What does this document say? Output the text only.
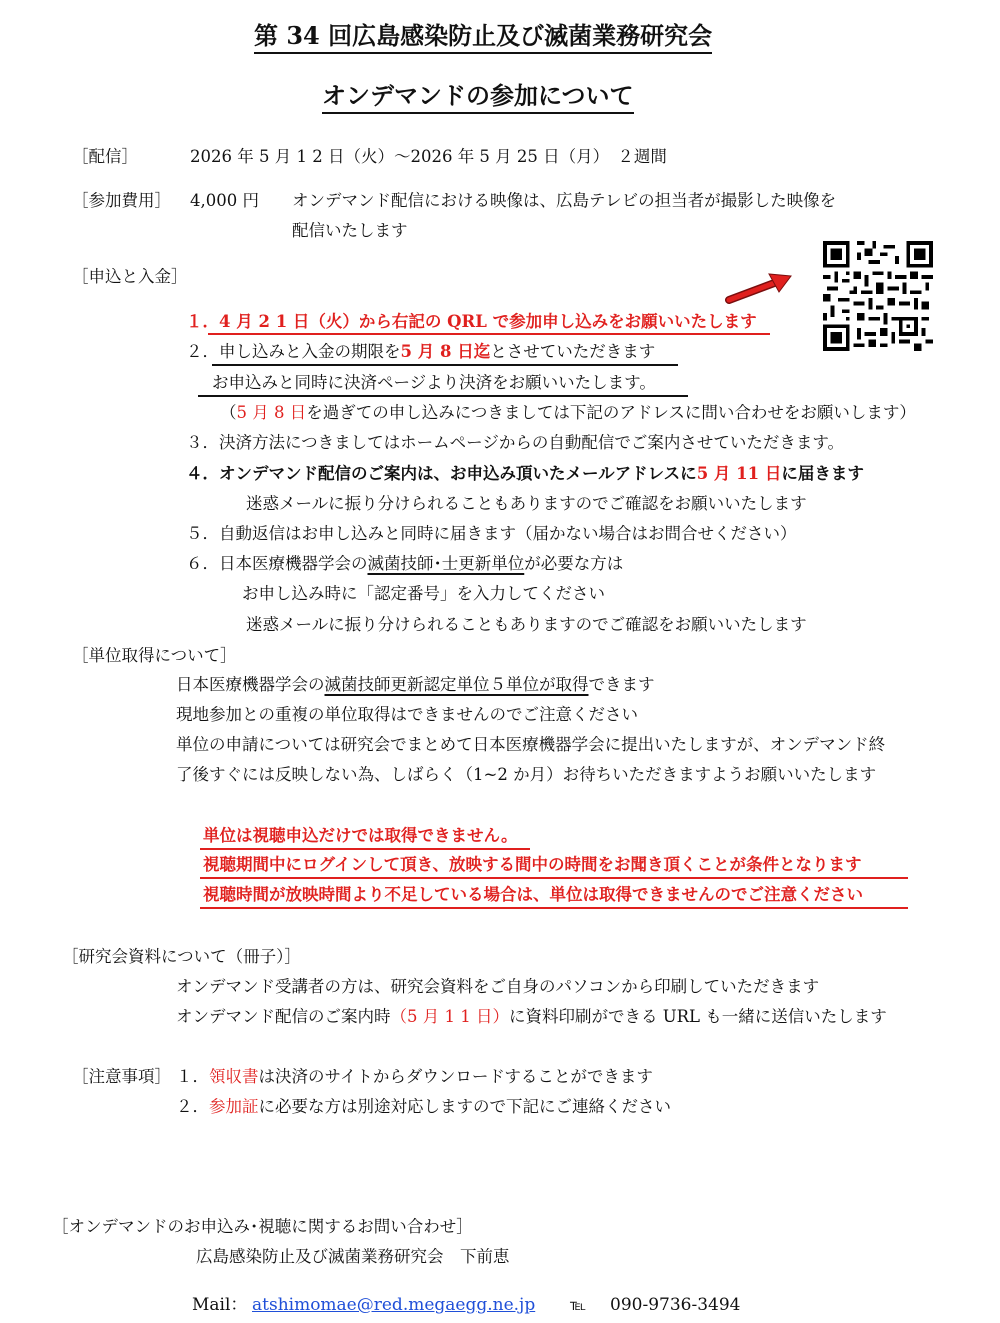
第 34 回広島感染防止及び滅菌業務研究会
オンデマンドの参加について
［配信］	2026 年 5 月 1 2 日（火）～2026 年 5 月 25 日（月）　２週間
［参加費用］ 4,000 円 オンデマンド配信における映像は、広島テレビの担当者が撮影した映像を
配信いたします
［申込と入金］
１．4 月 2 1 日（火）から右記の QRL で参加申し込みをお願いいたします
２．申し込みと入金の期限を5 月 8 日迄とさせていただきます
お申込みと同時に決済ページより決済をお願いいたします。
（5 月 8 日を過ぎての申し込みにつきましては下記のアドレスに問い合わせをお願いします）
３．決済方法につきましてはホームページからの自動配信でご案内させていただきます。
４．オンデマンド配信のご案内は、お申込み頂いたメールアドレスに5 月 11 日に届きます
迷惑メールに振り分けられることもありますのでご確認をお願いいたします
５．自動返信はお申し込みと同時に届きます（届かない場合はお問合せください）
６．日本医療機器学会の滅菌技師･士更新単位が必要な方は
お申し込み時に「認定番号」を入力してください
迷惑メールに振り分けられることもありますのでご確認をお願いいたします
［単位取得について］
日本医療機器学会の滅菌技師更新認定単位５単位が取得できます
現地参加との重複の単位取得はできませんのでご注意ください
単位の申請については研究会でまとめて日本医療機器学会に提出いたしますが、オンデマンド終
了後すぐには反映しない為、しばらく（1~2 か月）お待ちいただきますようお願いいたします
単位は視聴申込だけでは取得できません。
視聴期間中にログインして頂き、放映する間中の時間をお聞き頂くことが条件となります
視聴時間が放映時間より不足している場合は、単位は取得できませんのでご注意ください
［研究会資料について（冊子）］
オンデマンド受講者の方は、研究会資料をご自身のパソコンから印刷していただきます
オンデマンド配信のご案内時（5 月 1 1 日）に資料印刷ができる URL も一緒に送信いたします
［注意事項］ １．領収書は決済のサイトからダウンロードすることができます
２．参加証に必要な方は別途対応しますので下記にご連絡ください
［オンデマンドのお申込み･視聴に関するお問い合わせ］
広島感染防止及び滅菌業務研究会　下前恵
Mail： atshimomae@red.megaegg.ne.jp ℡ 090-9736-3494
